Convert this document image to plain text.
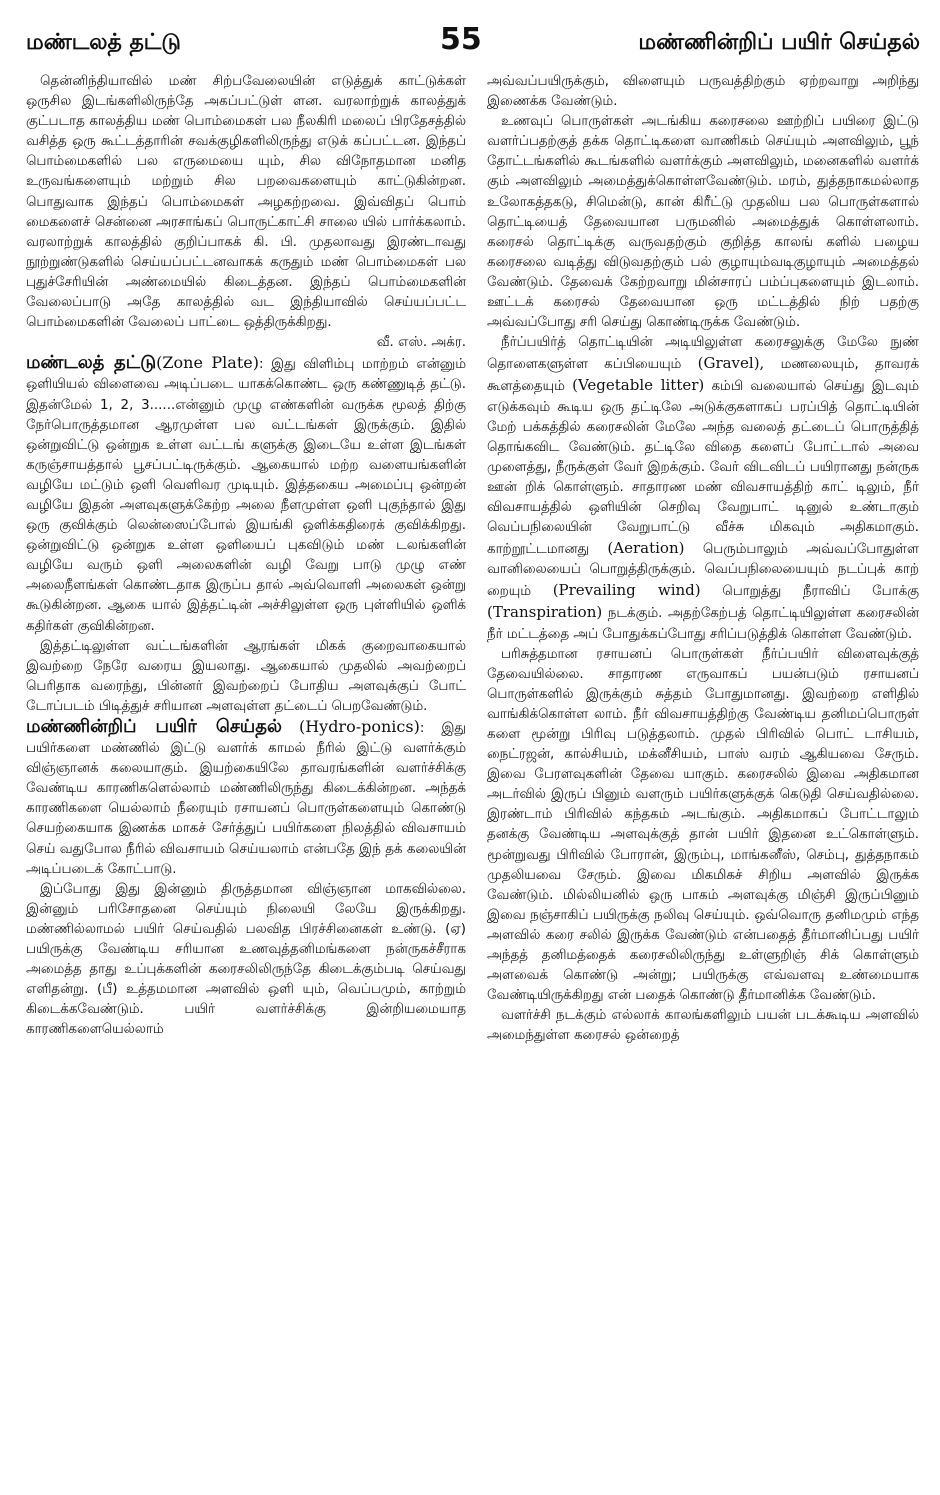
மண்டலத் தட்டு	55	மண்ணின்றிப் பயிர் செய்தல்

தென்னிந்தியாவில் மண் சிற்பவேலையின் எடுத்துக் காட்டுக்கள் ஒருசில இடங்களிலிருந்தே அகப்பட்டுள் ளன. வரலாற்றுக் காலத்துக் குட்படாத காலத்திய மண் பொம்மைகள் பல நீலகிரி மலைப் பிரதேசத்தில் வசித்த ஒரு கூட்டத்தாரின் சவக்குழிகளிலிருந்து எடுக் கப்பட்டன. இந்தப் பொம்மைகளில் பல எருமையை யும், சில விநோதமான மனித உருவங்களையும் மற்றும் சில பறவைகளையும் காட்டுகின்றன. பொதுவாக இந்தப் பொம்மைகள் அழகற்றவை. இவ்விதப் பொம் மைகளைச் சென்னை அரசாங்கப் பொருட்காட்சி சாலை யில் பார்க்கலாம். வரலாற்றுக் காலத்தில் குறிப்பாகக் கி. பி. முதலாவது இரண்டாவது நூற்றுண்டுகளில் செய்யப்பட்டனவாகக் கருதும் மண் பொம்மைகள் பல புதுச்சேரியின் அண்மையில் கிடைத்தன. இந்தப் பொம்மைகளின் வேலைப்பாடு அதே காலத்தில் வட இந்தியாவில் செய்யப்பட்ட பொம்மைகளின் வேலைப் பாட்டை ஒத்திருக்கிறது.

வீ. எஸ். அக்ர.

மண்டலத் தட்டு(Zone Plate): இது விளிம்பு மாற்றம் என்னும் ஒளியியல் விளைவை அடிப்படை யாகக்கொண்ட ஒரு கண்ணுடித் தட்டு. இதன்மேல் 1, 2, 3......என்னும் முழு எண்களின் வருக்க மூலத் திற்கு நேர்பொருத்தமான ஆரமுள்ள பல வட்டங்கள் இருக்கும். இதில் ஒன்றுவிட்டு ஒன்றுக உள்ள வட்டங் களுக்கு இடையே உள்ள இடங்கள் கருஞ்சாயத்தால் பூசப்பட்டிருக்கும். ஆகையால் மற்ற வளையங்களின் வழியே மட்டும் ஒளி வெளிவர முடியும். இத்தகைய அமைப்பு ஒன்றன் வழியே இதன் அளவுகளுக்கேற்ற அலை நீளமுள்ள ஒளி புகுந்தால் இது ஒரு குவிக்கும் லென்ஸைப்போல் இயங்கி ஒளிக்கதிரைக் குவிக்கிறது. ஒன்றுவிட்டு ஒன்றுக உள்ள ஒளியைப் புகவிடும் மண் டலங்களின் வழியே வரும் ஒளி அலைகளின் வழி வேறு பாடு முழு எண் அலைநீளங்கள் கொண்டதாக இருப்ப தால் அவ்வொளி அலைகள் ஒன்று கூடுகின்றன. ஆகை யால் இத்தட்டின் அச்சிலுள்ள ஒரு புள்ளியில் ஒளிக் கதிர்கள் குவிகின்றன.

இத்தட்டிலுள்ள வட்டங்களின் ஆரங்கள் மிகக் குறைவாகையால் இவற்றை நேரே வரைய இயலாது. ஆகையால் முதலில் அவற்றைப் பெரிதாக வரைந்து, பின்னர் இவற்றைப் போதிய அளவுக்குப் போட் டோப்படம் பிடித்துச் சரியான அளவுள்ள தட்டைப் பெறவேண்டும்.

மண்ணின்றிப் பயிர் செய்தல் (Hydro-ponics): இது பயிர்களை மண்ணில் இட்டு வளர்க் காமல் நீரில் இட்டு வளர்க்கும் விஞ்ஞானக் கலையாகும். இயற்கையிலே தாவரங்களின் வளர்ச்சிக்கு வேண்டிய காரணிகளெல்லாம் மண்ணிலிருந்து கிடைக்கின்றன. அந்தக் காரணிகளை யெல்லாம் நீரையும் ரசாயனப் பொருள்களையும் கொண்டு செயற்கையாக இணக்க மாகச் சேர்த்துப் பயிர்களை நிலத்தில் விவசாயம் செய் வதுபோல நீரில் விவசாயம் செய்யலாம் என்பதே இந் தக் கலையின் அடிப்படைக் கோட்பாடு.

இப்போது இது இன்னும் திருத்தமான விஞ்ஞான மாகவில்லை. இன்னும் பரிசோதனை செய்யும் நிலையி லேயே இருக்கிறது. மண்ணில்லாமல் பயிர் செய்வதில் பலவித பிரச்சினைகள் உண்டு. (ஏ) பயிருக்கு வேண்டிய சரியான உணவுத்தனிமங்களை நன்ருகச்சீராக அமைத்த தாது உப்புக்களின் கரைசலிலிருந்தே கிடைக்கும்படி செய்வது எளிதன்று. (பீ) உத்தமமான அளவில் ஒளி யும், வெப்பமும், காற்றும் கிடைக்கவேண்டும். பயிர் வளர்ச்சிக்கு இன்றியமையாத காரணிகளையெல்லாம்

அவ்வப்பயிருக்கும், விளையும் பருவத்திற்கும் ஏற்றவாறு அறிந்து இணைக்க வேண்டும்.

உணவுப் பொருள்கள் அடங்கிய கரைசலை ஊற்றிப் பயிரை இட்டு வளர்ப்பதற்குத் தக்க தொட்டிகளை வாணிகம் செய்யும் அளவிலும், பூந் தோட்டங்களில் கூடங்களில் வளர்க்கும் அளவிலும், மனைகளில் வளர்க் கும் அளவிலும் அமைத்துக்கொள்ளவேண்டும். மரம், துத்தநாகமல்லாத உலோகத்தகடு, சிமென்டு, கான் கிரீட்டு முதலிய பல பொருள்களால் தொட்டியைத் தேவையான பருமனில் அமைத்துக் கொள்ளலாம். கரைசல் தொட்டிக்கு வருவதற்கும் குறித்த காலங் களில் பழைய கரைசலை வடித்து விடுவதற்கும் பல் குழாயும்வடிகுழாயும் அமைத்தல் வேண்டும். தேவைக் கேற்றவாறு மின்சாரப் பம்ப்புகளையும் இடலாம். ஊட்டக் கரைசல் தேவையான ஒரு மட்டத்தில் நிற் பதற்கு அவ்வப்போது சரி செய்து கொண்டிருக்க வேண்டும்.

நீர்ப்பயிர்த் தொட்டியின் அடியிலுள்ள கரைசலுக்கு மேலே நுண் தொளைகளுள்ள கப்பியையும் (Gravel), மணலையும், தாவரக் கூளத்தையும் (Vegetable litter) கம்பி வலையால் செய்து இடவும் எடுக்கவும் கூடிய ஒரு தட்டிலே அடுக்குகளாகப் பரப்பித் தொட்டியின் மேற் பக்கத்தில் கரைசலின் மேலே அந்த வலைத் தட்டைப் பொருத்தித் தொங்கவிட வேண்டும். தட்டிலே விதை களைப் போட்டால் அவை முளைத்து, நீருக்குள் வேர் இறக்கும். வேர் விடவிடப் பயிரானது நன்ருக ஊன் றிக் கொள்ளும். சாதாரண மண் விவசாயத்திற் காட் டிலும், நீர் விவசாயத்தில் ஒளியின் செறிவு வேறுபாட் டினுல் உண்டாகும் வெப்பநிலையின் வேறுபாட்டு வீச்சு மிகவும் அதிகமாகும். காற்றூட்டமானது (Aeration) பெரும்பாலும் அவ்வப்போதுள்ள வானிலையைப் பொறுத்திருக்கும். வெப்பநிலையையும் நடப்புக் காற் றையும் (Prevailing wind) பொறுத்து நீராவிப் போக்கு (Transpiration) நடக்கும். அதற்கேற்பத் தொட்டியிலுள்ள கரைசலின் நீர் மட்டத்தை அப் போதுக்கப்போது சரிப்படுத்திக் கொள்ள வேண்டும்.

பரிசுத்தமான ரசாயனப் பொருள்கள் நீர்ப்பயிர் விளைவுக்குத் தேவையில்லை. சாதாரண எருவாகப் பயன்படும் ரசாயனப் பொருள்களில் இருக்கும் சுத்தம் போதுமானது. இவற்றை எளிதில் வாங்கிக்கொள்ள லாம். நீர் விவசாயத்திற்கு வேண்டிய தனிமப்பொருள் களை மூன்று பிரிவு படுத்தலாம். முதல் பிரிவில் பொட் டாசியம், நைட்ரஜன், கால்சியம், மக்னீசியம், பாஸ் வரம் ஆகியவை சேரும். இவை பேரளவுகளின் தேவை யாகும். கரைசலில் இவை அதிகமான அடர்வில் இருப் பினும் வளரும் பயிர்களுக்குக் கெடுதி செய்வதில்லை. இரண்டாம் பிரிவில் கந்தகம் அடங்கும். அதிகமாகப் போட்டாலும் தனக்கு வேண்டிய அளவுக்குத் தான் பயிர் இதனை உட்கொள்ளும். மூன்றுவது பிரிவில் போரான், இரும்பு, மாங்கனீஸ், செம்பு, துத்தநாகம் முதலியவை சேரும். இவை மிகமிகச் சிறிய அளவில் இருக்க வேண்டும். மில்லியனில் ஒரு பாகம் அளவுக்கு மிஞ்சி இருப்பினும் இவை நஞ்சாகிப் பயிருக்கு நலிவு செய்யும். ஒவ்வொரு தனிமமும் எந்த அளவில் கரை சலில் இருக்க வேண்டும் என்பதைத் தீர்மானிப்பது பயிர் அந்தத் தனிமத்தைக் கரைசலிலிருந்து உள்ளுறிஞ் சிக் கொள்ளும் அளவைக் கொண்டு அன்று; பயிருக்கு எவ்வளவு உண்மையாக வேண்டியிருக்கிறது என் பதைக் கொண்டு தீர்மானிக்க வேண்டும்.

வளர்ச்சி நடக்கும் எல்லாக் காலங்களிலும் பயன் படக்கூடிய அளவில் அமைந்துள்ள கரைசல் ஒன்றைத்
